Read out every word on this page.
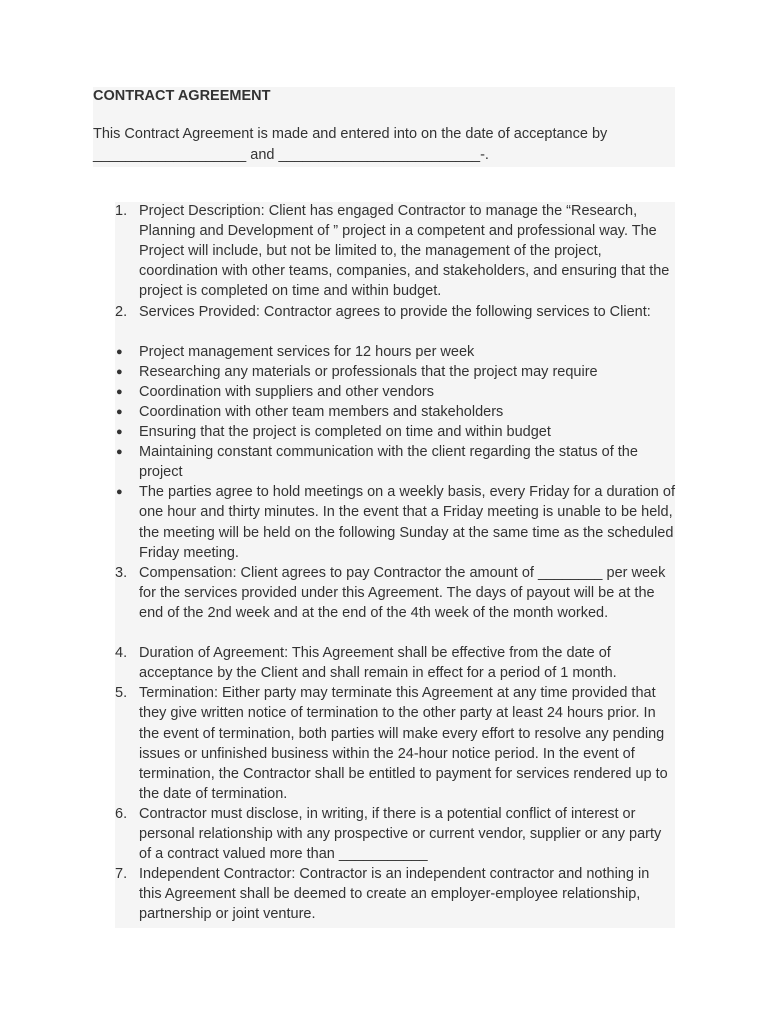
CONTRACT AGREEMENT
This Contract Agreement is made and entered into on the date of acceptance by
___________________ and _________________________-.
1. Project Description: Client has engaged Contractor to manage the “Research, Planning and Development of ” project in a competent and professional way. The Project will include, but not be limited to, the management of the project, coordination with other teams, companies, and stakeholders, and ensuring that the project is completed on time and within budget.
2. Services Provided: Contractor agrees to provide the following services to Client:
●	Project management services for 12 hours per week
●	Researching any materials or professionals that the project may require
●	Coordination with suppliers and other vendors
●	Coordination with other team members and stakeholders
●	Ensuring that the project is completed on time and within budget
●	Maintaining constant communication with the client regarding the status of the project
●	The parties agree to hold meetings on a weekly basis, every Friday for a duration of one hour and thirty minutes. In the event that a Friday meeting is unable to be held, the meeting will be held on the following Sunday at the same time as the scheduled Friday meeting.
3. Compensation: Client agrees to pay Contractor the amount of ________ per week for the services provided under this Agreement. The days of payout will be at the end of the 2nd week and at the end of the 4th week of the month worked.
4. Duration of Agreement: This Agreement shall be effective from the date of acceptance by the Client and shall remain in effect for a period of 1 month.
5. Termination: Either party may terminate this Agreement at any time provided that they give written notice of termination to the other party at least 24 hours prior. In the event of termination, both parties will make every effort to resolve any pending issues or unfinished business within the 24-hour notice period. In the event of termination, the Contractor shall be entitled to payment for services rendered up to the date of termination.
6. Contractor must disclose, in writing, if there is a potential conflict of interest or personal relationship with any prospective or current vendor, supplier or any party of a contract valued more than ___________
7. Independent Contractor: Contractor is an independent contractor and nothing in this Agreement shall be deemed to create an employer-employee relationship, partnership or joint venture.
